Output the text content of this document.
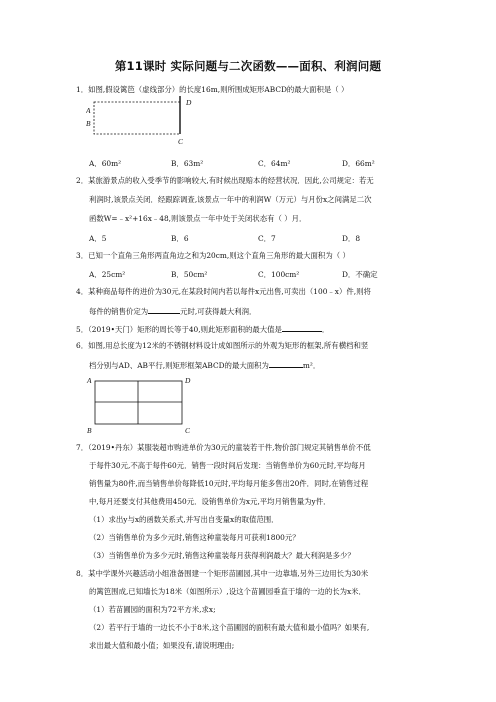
第11课时 实际问题与二次函数——面积、利润问题
1．如图,假设篱笆（虚线部分）的长度16m,则所围成矩形ABCD的最大面积是（ ）
D
A
B
C
A．60m²	B．63m²	C．64m²	D．66m²
2．某旅游景点的收入受季节的影响较大,有时候出现赔本的经营状况．因此,公司规定：若无
利润时,该景点关闭．经跟踪调查,该景点一年中的利润W（万元）与月份x之间满足二次
函数W=﹣x²+16x﹣48,则该景点一年中处于关闭状态有（ ）月．
A．5	B．6	C．7	D．8
3．已知一个直角三角形两直角边之和为20cm,则这个直角三角形的最大面积为（ ）
A．25cm²	B．50cm²	C．100cm²	D．不确定
4．某种商品每件的进价为30元,在某段时间内若以每件x元出售,可卖出（100﹣x）件,则将
每件的销售价定为	元时,可获得最大利润．
5．（2019•天门）矩形的周长等于40,则此矩形面积的最大值是	．
6．如图,用总长度为12米的不锈钢材料设计成如图所示的外观为矩形的框架,所有横档和竖
档分别与AD、AB平行,则矩形框架ABCD的最大面积为	m²．
A	D
B	C
7．（2019•丹东）某服装超市购进单价为30元的童装若干件,物价部门规定其销售单价不低
于每件30元,不高于每件60元．销售一段时间后发现：当销售单价为60元时,平均每月
销售量为80件,而当销售单价每降低10元时,平均每月能多售出20件．同时,在销售过程
中,每月还要支付其他费用450元．设销售单价为x元,平均月销售量为y件．
（1）求出y与x的函数关系式,并写出自变量x的取值范围．
（2）当销售单价为多少元时,销售这种童装每月可获利1800元？
（3）当销售单价为多少元时,销售这种童装每月获得利润最大？最大利润是多少？
8．某中学课外兴趣活动小组准备围建一个矩形苗圃园,其中一边靠墙,另外三边用长为30米
的篱笆围成,已知墙长为18米（如图所示）,设这个苗圃园垂直于墙的一边的长为x米．
（1）若苗圃园的面积为72平方米,求x;
（2）若平行于墙的一边长不小于8米,这个苗圃园的面积有最大值和最小值吗？如果有,
求出最大值和最小值；如果没有,请说明理由;
